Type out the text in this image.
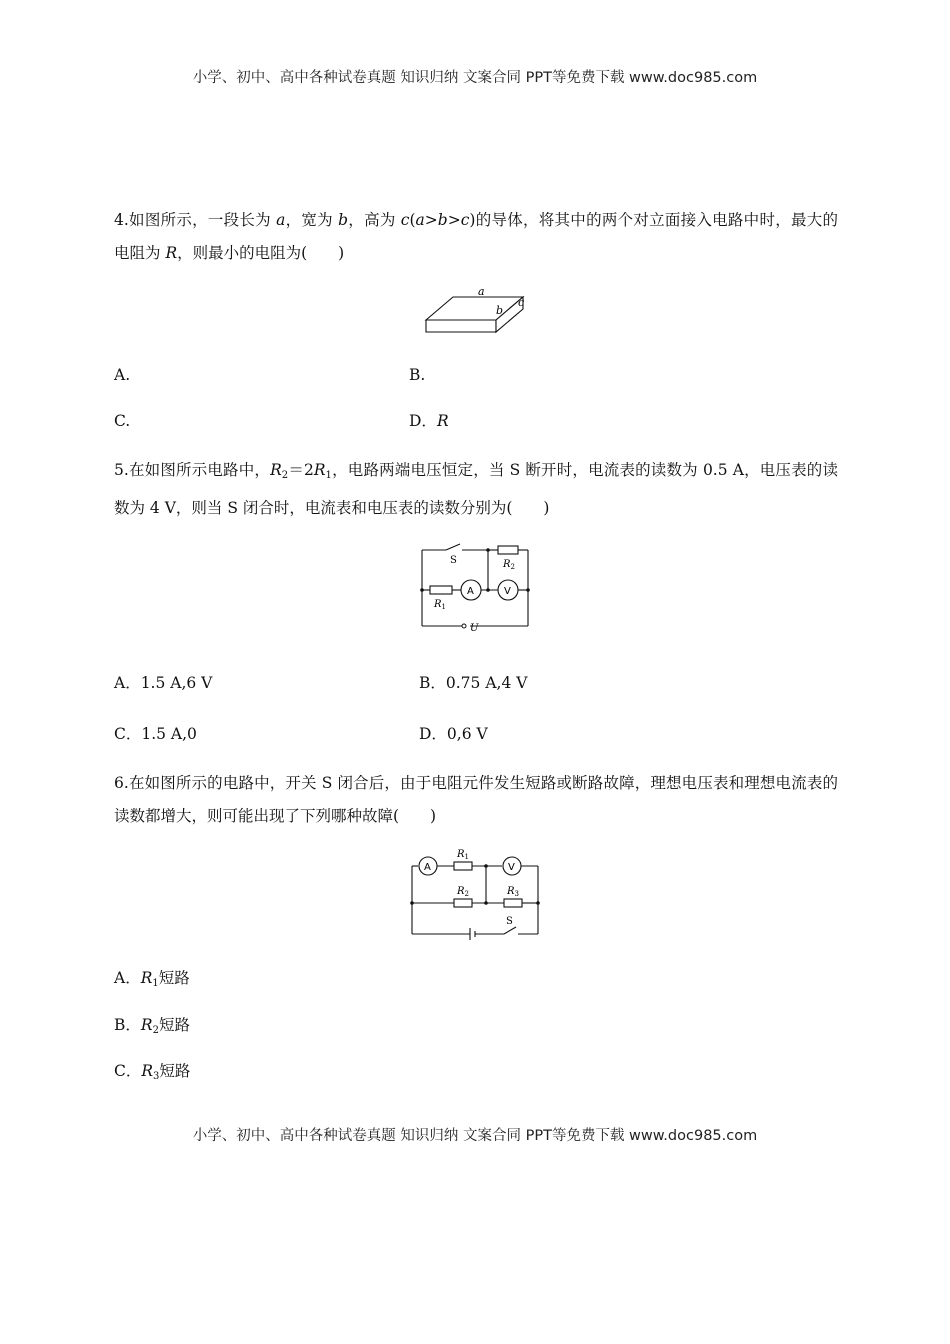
小学、初中、高中各种试卷真题 知识归纳 文案合同 PPT等免费下载 www.doc985.com
4.如图所示，一段长为 a，宽为 b，高为 c(a>b>c)的导体，将其中的两个对立面接入电路中时，最大的电阻为 R，则最小的电阻为(　　)
a
b
c
A.	B.
C.	D．R
5.在如图所示电路中，$R_2=2R_1$，电路两端电压恒定，当 S 断开时，电流表的读数为 0.5 A，电压表的读数为 4 V，则当 S 闭合时，电流表和电压表的读数分别为(　　)
S	$R_2$
$R_1$
A	V
U
A．1.5 A,6 V	B．0.75 A,4 V
C．1.5 A,0	D．0,6 V
6.在如图所示的电路中，开关 S 闭合后，由于电阻元件发生短路或断路故障，理想电压表和理想电流表的读数都增大，则可能出现了下列哪种故障(　　)
A	V
$R_1$
$R_2$	$R_3$
S
A．$R_1$短路
B．$R_2$短路
C．$R_3$短路
小学、初中、高中各种试卷真题 知识归纳 文案合同 PPT等免费下载 www.doc985.com
